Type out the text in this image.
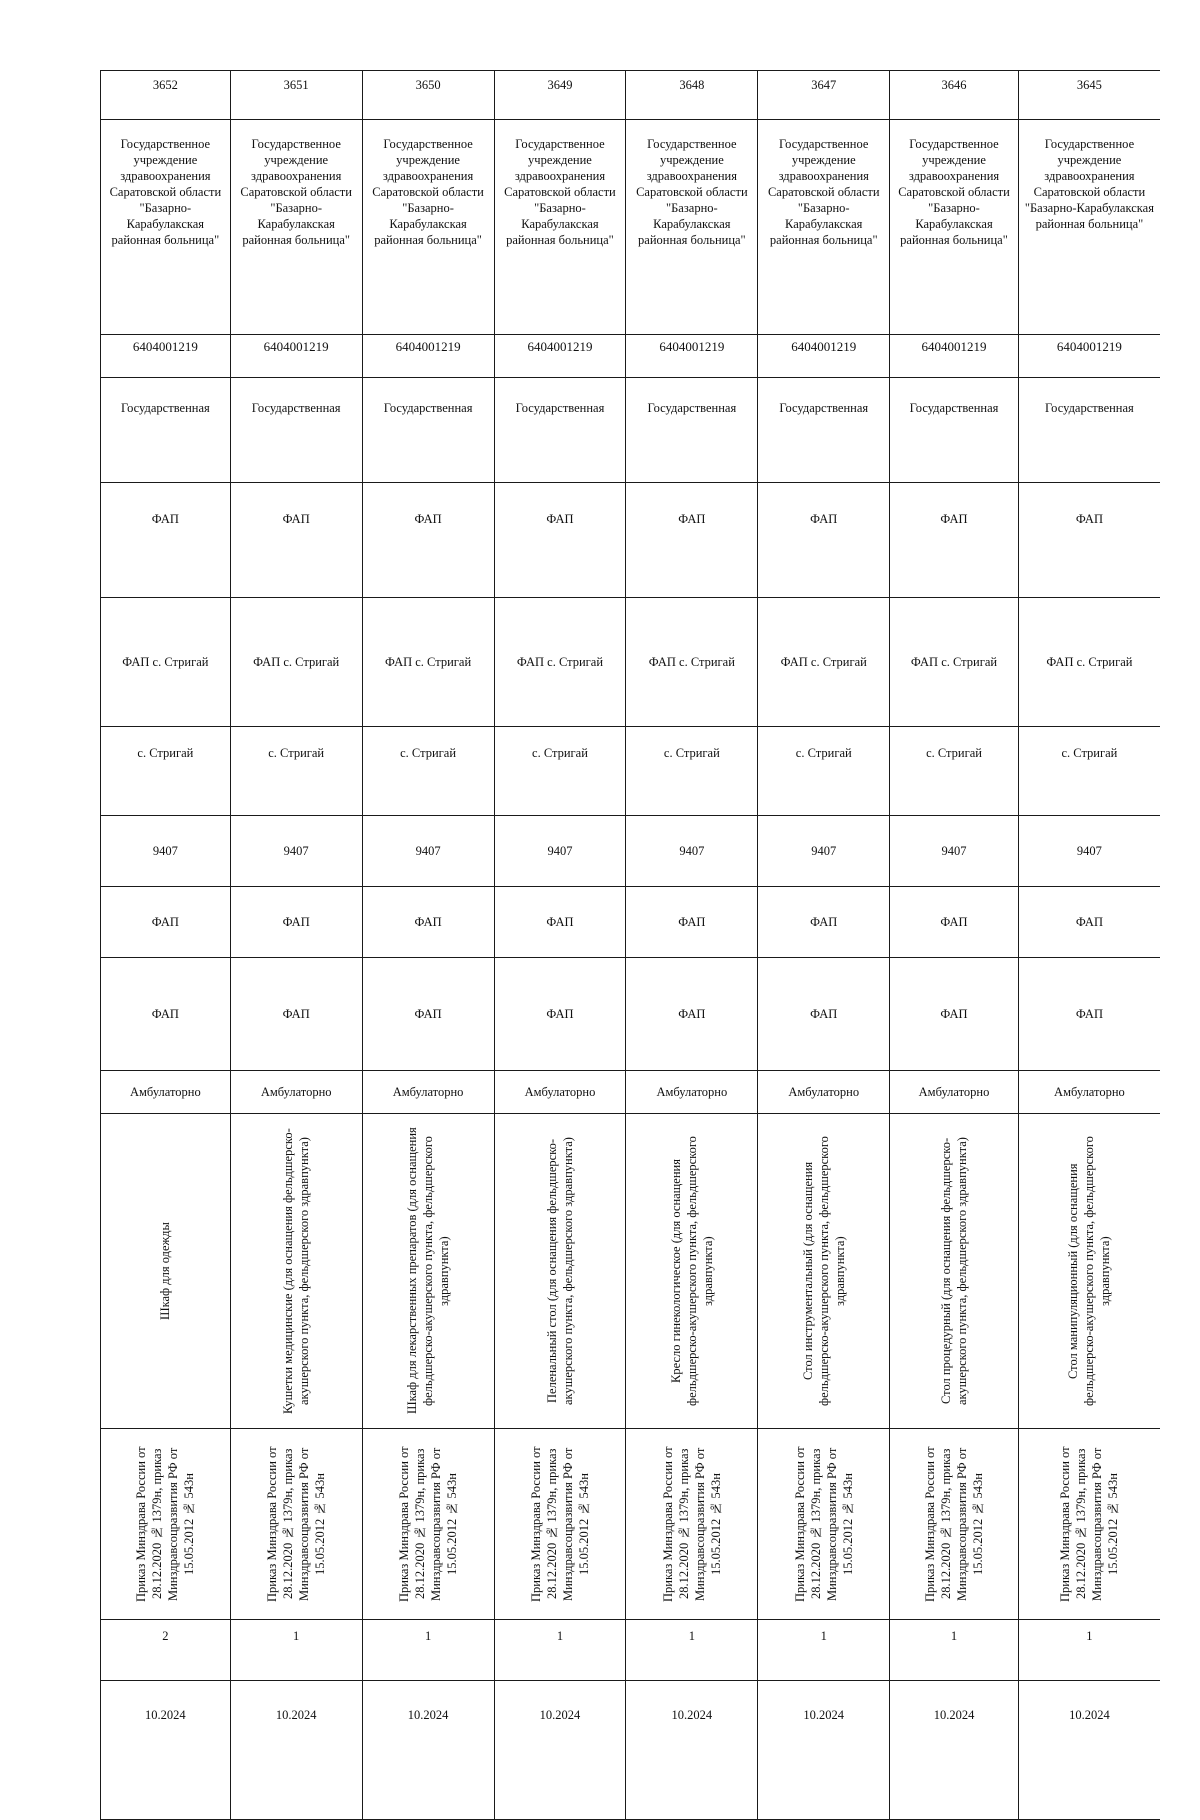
3652	3651	3650	3649	3648	3647	3646	3645
Государственное учреждение здравоохранения Саратовской области "Базарно-Карабулакская районная больница"	Государственное учреждение здравоохранения Саратовской области "Базарно-Карабулакская районная больница"	Государственное учреждение здравоохранения Саратовской области "Базарно-Карабулакская районная больница"	Государственное учреждение здравоохранения Саратовской области "Базарно-Карабулакская районная больница"	Государственное учреждение здравоохранения Саратовской области "Базарно-Карабулакская районная больница"	Государственное учреждение здравоохранения Саратовской области "Базарно-Карабулакская районная больница"	Государственное учреждение здравоохранения Саратовской области "Базарно-Карабулакская районная больница"	Государственное учреждение здравоохранения Саратовской области "Базарно-Карабулакская районная больница"
6404001219	6404001219	6404001219	6404001219	6404001219	6404001219	6404001219	6404001219
Государственная	Государственная	Государственная	Государственная	Государственная	Государственная	Государственная	Государственная
ФАП	ФАП	ФАП	ФАП	ФАП	ФАП	ФАП	ФАП
ФАП с. Стригай	ФАП с. Стригай	ФАП с. Стригай	ФАП с. Стригай	ФАП с. Стригай	ФАП с. Стригай	ФАП с. Стригай	ФАП с. Стригай
с. Стригай	с. Стригай	с. Стригай	с. Стригай	с. Стригай	с. Стригай	с. Стригай	с. Стригай
9407	9407	9407	9407	9407	9407	9407	9407
ФАП	ФАП	ФАП	ФАП	ФАП	ФАП	ФАП	ФАП
ФАП	ФАП	ФАП	ФАП	ФАП	ФАП	ФАП	ФАП
Амбулаторно	Амбулаторно	Амбулаторно	Амбулаторно	Амбулаторно	Амбулаторно	Амбулаторно	Амбулаторно

Шкаф для одежды	Кушетки медицинские (для оснащения фельдшерско-акушерского пункта, фельдшерского здравпункта)	Шкаф для лекарственных препаратов (для оснащения фельдшерско-акушерского пункта, фельдшерского здравпункта)	Пеленальный стол (для оснащения фельдшерско-акушерского пункта, фельдшерского здравпункта)	Кресло гинекологическое (для оснащения фельдшерско-акушерского пункта, фельдшерского здравпункта)	Стол инструментальный (для оснащения фельдшерско-акушерского пункта, фельдшерского здравпункта)	Стол процедурный (для оснащения фельдшерско-акушерского пункта, фельдшерского здравпункта)	Стол манипуляционный (для оснащения фельдшерско-акушерского пункта, фельдшерского здравпункта)

Приказ Минздрава России от 28.12.2020 № 1379н, приказ Минздравсоцразвития РФ от 15.05.2012 № 543н	Приказ Минздрава России от 28.12.2020 № 1379н, приказ Минздравсоцразвития РФ от 15.05.2012 № 543н	Приказ Минздрава России от 28.12.2020 № 1379н, приказ Минздравсоцразвития РФ от 15.05.2012 № 543н	Приказ Минздрава России от 28.12.2020 № 1379н, приказ Минздравсоцразвития РФ от 15.05.2012 № 543н	Приказ Минздрава России от 28.12.2020 № 1379н, приказ Минздравсоцразвития РФ от 15.05.2012 № 543н	Приказ Минздрава России от 28.12.2020 № 1379н, приказ Минздравсоцразвития РФ от 15.05.2012 № 543н	Приказ Минздрава России от 28.12.2020 № 1379н, приказ Минздравсоцразвития РФ от 15.05.2012 № 543н	Приказ Минздрава России от 28.12.2020 № 1379н, приказ Минздравсоцразвития РФ от 15.05.2012 № 543н

2	1	1	1	1	1	1	1
10.2024	10.2024	10.2024	10.2024	10.2024	10.2024	10.2024	10.2024
